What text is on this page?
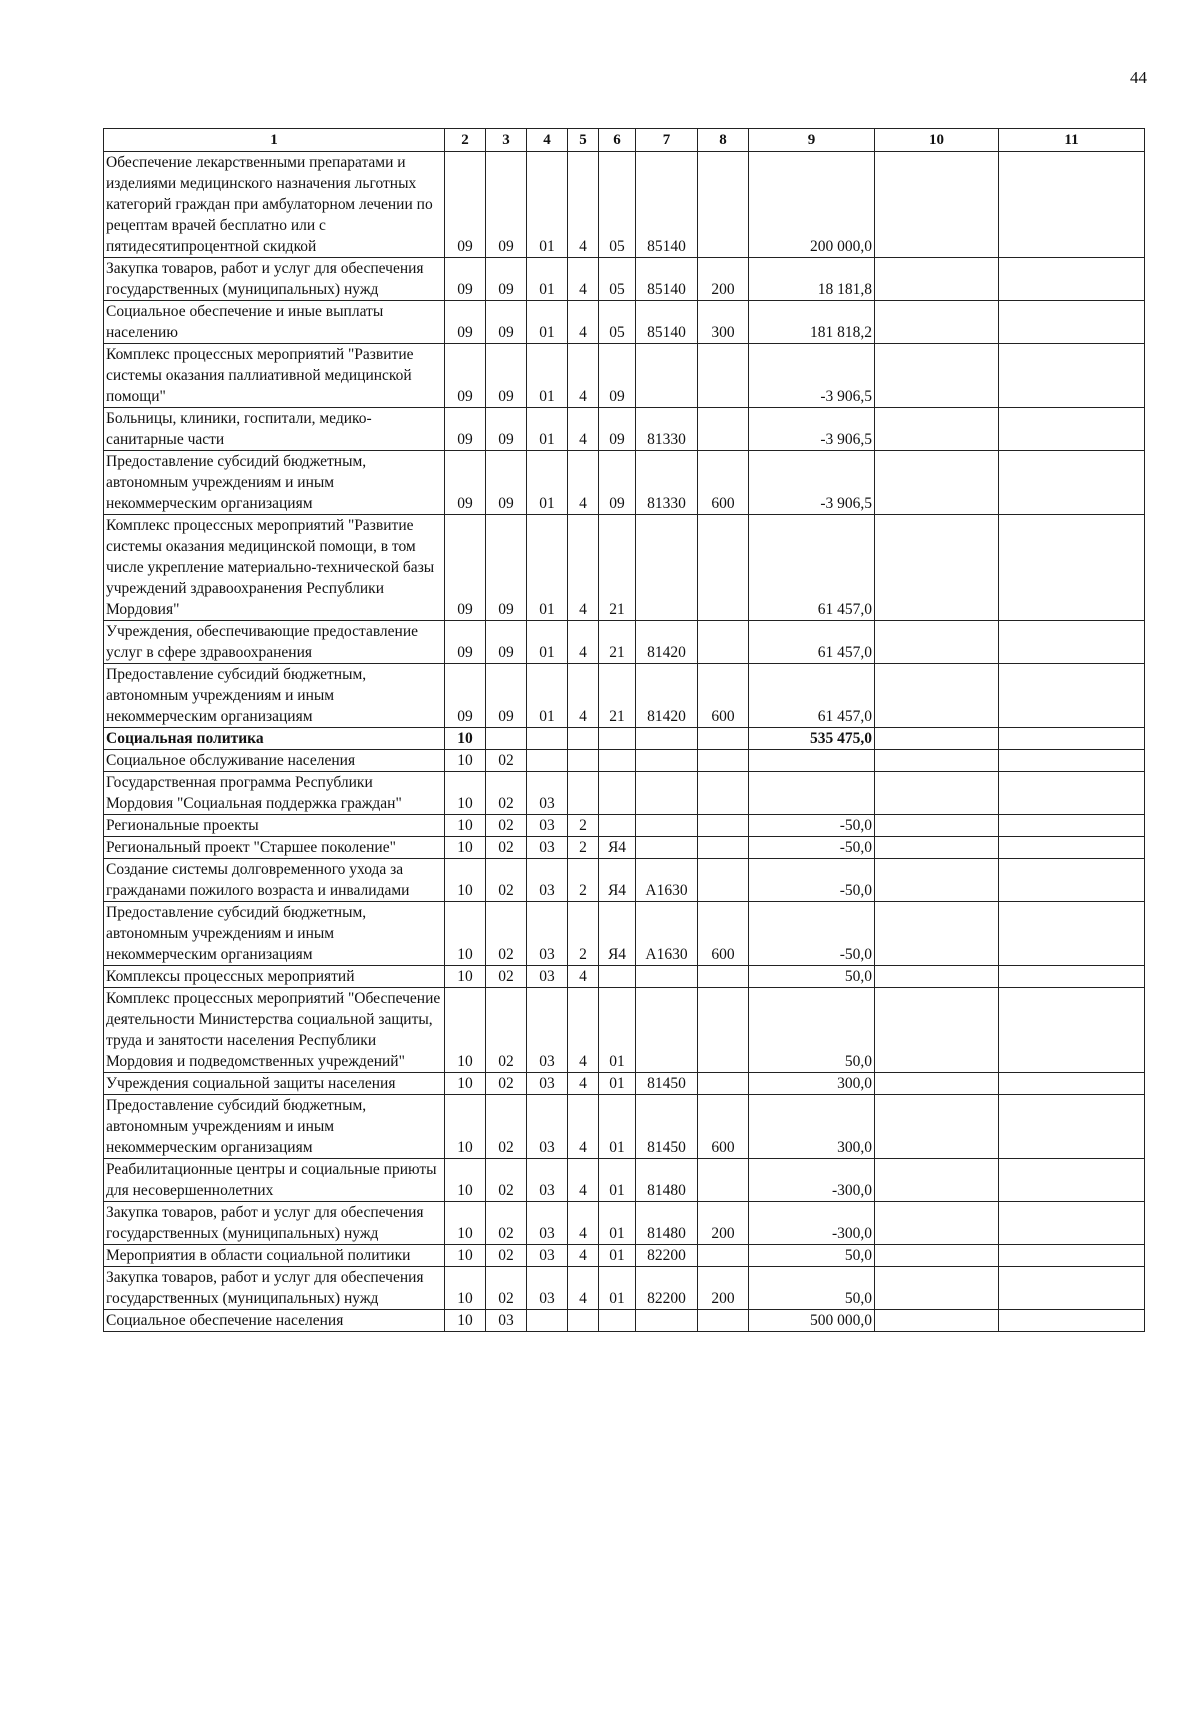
44
1	2	3	4	5	6	7	8	9	10	11
Обеспечение лекарственными препаратами и изделиями медицинского назначения льготных категорий граждан при амбулаторном лечении по рецептам врачей бесплатно или с пятидесятипроцентной скидкой	09	09	01	4	05	85140		200 000,0		
Закупка товаров, работ и услуг для обеспечения государственных (муниципальных) нужд	09	09	01	4	05	85140	200	18 181,8		
Социальное обеспечение и иные выплаты населению	09	09	01	4	05	85140	300	181 818,2		
Комплекс процессных мероприятий "Развитие системы оказания паллиативной медицинской помощи"	09	09	01	4	09			-3 906,5		
Больницы, клиники, госпитали, медико-санитарные части	09	09	01	4	09	81330		-3 906,5		
Предоставление субсидий бюджетным, автономным учреждениям и иным некоммерческим организациям	09	09	01	4	09	81330	600	-3 906,5		
Комплекс процессных мероприятий "Развитие системы оказания медицинской помощи, в том числе укрепление материально-технической базы учреждений здравоохранения Республики Мордовия"	09	09	01	4	21			61 457,0		
Учреждения, обеспечивающие предоставление услуг в сфере здравоохранения	09	09	01	4	21	81420		61 457,0		
Предоставление субсидий бюджетным, автономным учреждениям и иным некоммерческим организациям	09	09	01	4	21	81420	600	61 457,0		
Социальная политика	10							535 475,0		
Социальное обслуживание населения	10	02								
Государственная программа Республики Мордовия "Социальная поддержка граждан"	10	02	03							
Региональные проекты	10	02	03	2				-50,0		
Региональный проект "Старшее поколение"	10	02	03	2	Я4			-50,0		
Создание системы долговременного ухода за гражданами пожилого возраста и инвалидами	10	02	03	2	Я4	А1630		-50,0		
Предоставление субсидий бюджетным, автономным учреждениям и иным некоммерческим организациям	10	02	03	2	Я4	А1630	600	-50,0		
Комплексы процессных мероприятий	10	02	03	4				50,0		
Комплекс процессных мероприятий "Обеспечение деятельности Министерства социальной защиты, труда и занятости населения Республики Мордовия и подведомственных учреждений"	10	02	03	4	01			50,0		
Учреждения социальной защиты населения	10	02	03	4	01	81450		300,0		
Предоставление субсидий бюджетным, автономным учреждениям и иным некоммерческим организациям	10	02	03	4	01	81450	600	300,0		
Реабилитационные центры и социальные приюты для несовершеннолетних	10	02	03	4	01	81480		-300,0		
Закупка товаров, работ и услуг для обеспечения государственных (муниципальных) нужд	10	02	03	4	01	81480	200	-300,0		
Мероприятия в области социальной политики	10	02	03	4	01	82200		50,0		
Закупка товаров, работ и услуг для обеспечения государственных (муниципальных) нужд	10	02	03	4	01	82200	200	50,0		
Социальное обеспечение населения	10	03						500 000,0		
